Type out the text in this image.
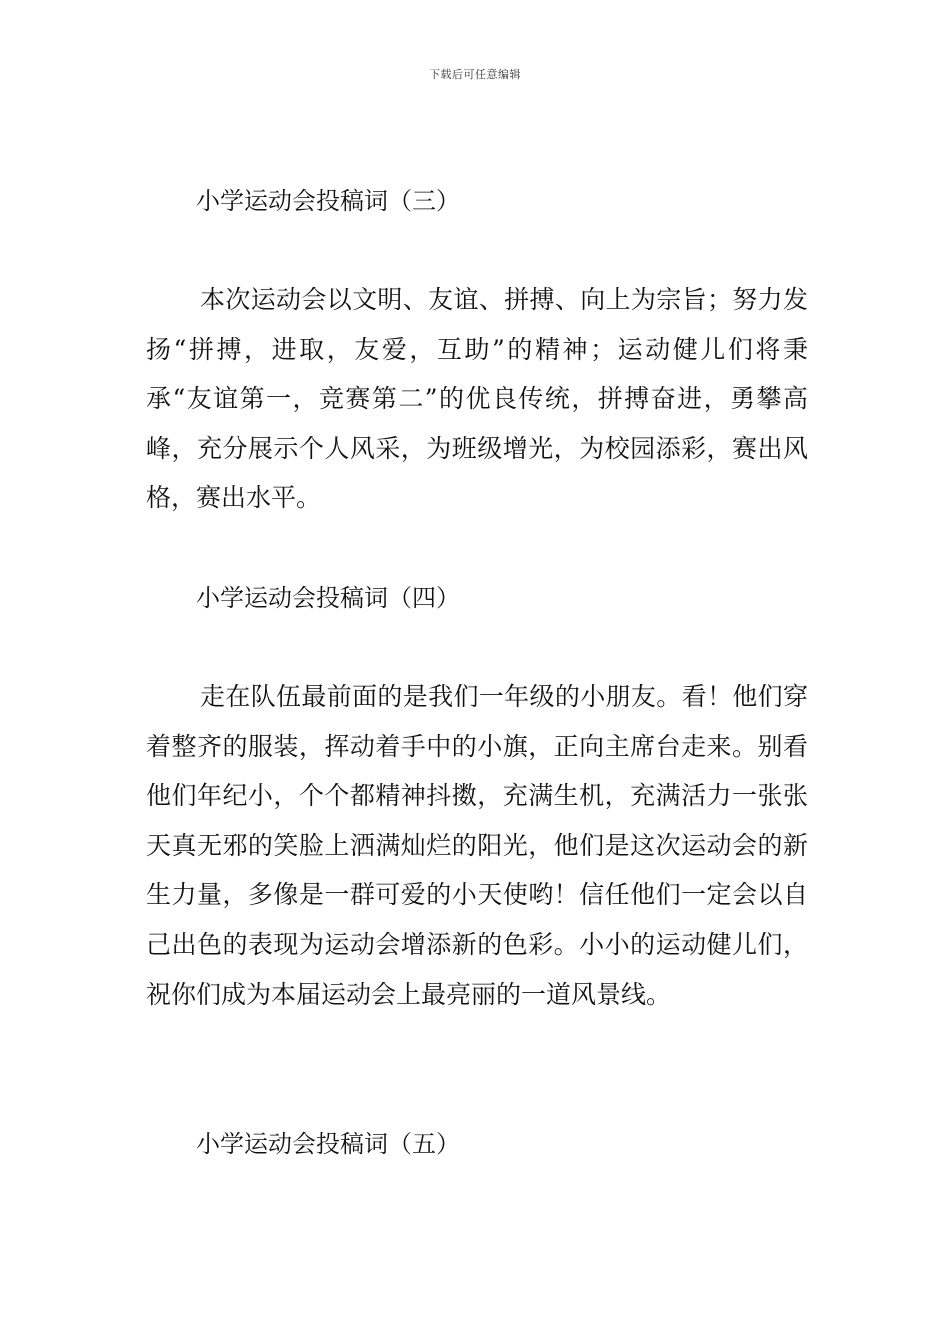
下载后可任意编辑
小学运动会投稿词（三）

本次运动会以文明、友谊、拼搏、向上为宗旨；努力发扬“拼搏，进取，友爱，互助”的精神；运动健儿们将秉承“友谊第一，竞赛第二”的优良传统，拼搏奋进，勇攀高峰，充分展示个人风采，为班级增光，为校园添彩，赛出风格，赛出水平。

小学运动会投稿词（四）

走在队伍最前面的是我们一年级的小朋友。看！他们穿着整齐的服装，挥动着手中的小旗，正向主席台走来。别看他们年纪小，个个都精神抖擞，充满生机，充满活力一张张天真无邪的笑脸上洒满灿烂的阳光，他们是这次运动会的新生力量，多像是一群可爱的小天使哟！信任他们一定会以自己出色的表现为运动会增添新的色彩。小小的运动健儿们，祝你们成为本届运动会上最亮丽的一道风景线。

小学运动会投稿词（五）
